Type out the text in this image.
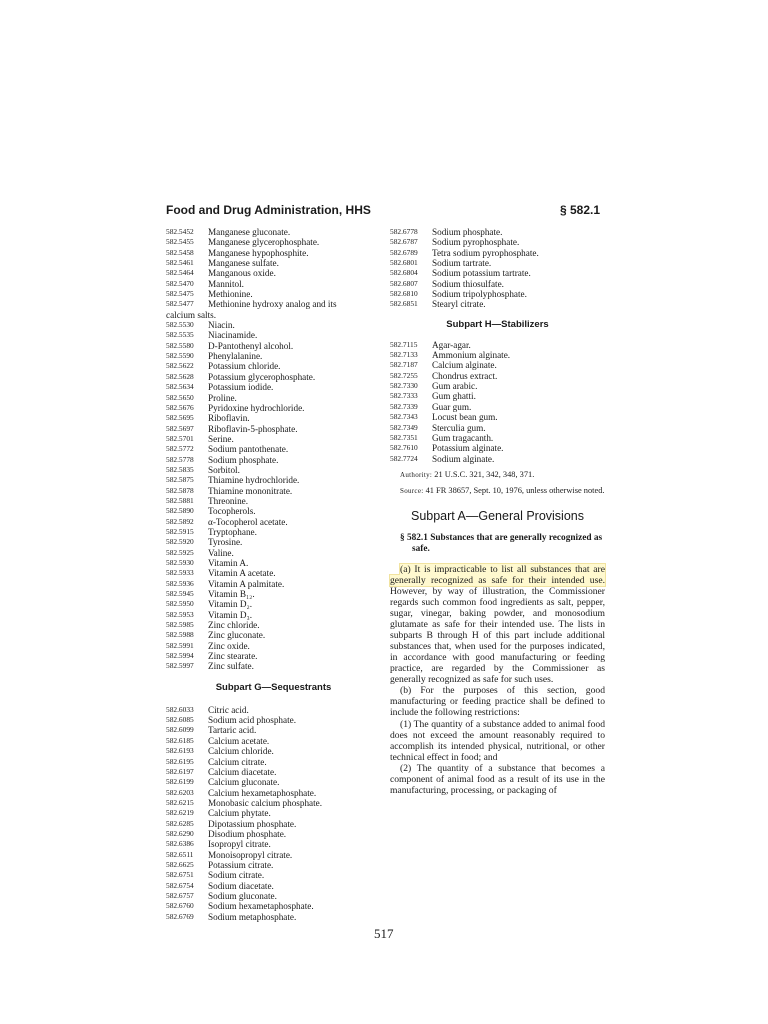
Food and Drug Administration, HHS	§ 582.1
582.5452	Manganese gluconate.
582.5455	Manganese glycerophosphate.
582.5458	Manganese hypophosphite.
582.5461	Manganese sulfate.
582.5464	Manganous oxide.
582.5470	Mannitol.
582.5475	Methionine.
582.5477	Methionine hydroxy analog and its
calcium salts.
582.5530	Niacin.
582.5535	Niacinamide.
582.5580	D-Pantothenyl alcohol.
582.5590	Phenylalanine.
582.5622	Potassium chloride.
582.5628	Potassium glycerophosphate.
582.5634	Potassium iodide.
582.5650	Proline.
582.5676	Pyridoxine hydrochloride.
582.5695	Riboflavin.
582.5697	Riboflavin-5-phosphate.
582.5701	Serine.
582.5772	Sodium pantothenate.
582.5778	Sodium phosphate.
582.5835	Sorbitol.
582.5875	Thiamine hydrochloride.
582.5878	Thiamine mononitrate.
582.5881	Threonine.
582.5890	Tocopherols.
582.5892	α-Tocopherol acetate.
582.5915	Tryptophane.
582.5920	Tyrosine.
582.5925	Valine.
582.5930	Vitamin A.
582.5933	Vitamin A acetate.
582.5936	Vitamin A palmitate.
582.5945	Vitamin B₁₂.
582.5950	Vitamin D₂.
582.5953	Vitamin D₃.
582.5985	Zinc chloride.
582.5988	Zinc gluconate.
582.5991	Zinc oxide.
582.5994	Zinc stearate.
582.5997	Zinc sulfate.
Subpart G—Sequestrants
582.6033	Citric acid.
582.6085	Sodium acid phosphate.
582.6099	Tartaric acid.
582.6185	Calcium acetate.
582.6193	Calcium chloride.
582.6195	Calcium citrate.
582.6197	Calcium diacetate.
582.6199	Calcium gluconate.
582.6203	Calcium hexametaphosphate.
582.6215	Monobasic calcium phosphate.
582.6219	Calcium phytate.
582.6285	Dipotassium phosphate.
582.6290	Disodium phosphate.
582.6386	Isopropyl citrate.
582.6511	Monoisopropyl citrate.
582.6625	Potassium citrate.
582.6751	Sodium citrate.
582.6754	Sodium diacetate.
582.6757	Sodium gluconate.
582.6760	Sodium hexametaphosphate.
582.6769	Sodium metaphosphate.
582.6778	Sodium phosphate.
582.6787	Sodium pyrophosphate.
582.6789	Tetra sodium pyrophosphate.
582.6801	Sodium tartrate.
582.6804	Sodium potassium tartrate.
582.6807	Sodium thiosulfate.
582.6810	Sodium tripolyphosphate.
582.6851	Stearyl citrate.
Subpart H—Stabilizers
582.7115	Agar-agar.
582.7133	Ammonium alginate.
582.7187	Calcium alginate.
582.7255	Chondrus extract.
582.7330	Gum arabic.
582.7333	Gum ghatti.
582.7339	Guar gum.
582.7343	Locust bean gum.
582.7349	Sterculia gum.
582.7351	Gum tragacanth.
582.7610	Potassium alginate.
582.7724	Sodium alginate.

Authority: 21 U.S.C. 321, 342, 348, 371.

Source: 41 FR 38657, Sept. 10, 1976, unless otherwise noted.

Subpart A—General Provisions
§ 582.1 Substances that are generally recognized as safe.

(a) It is impracticable to list all substances that are generally recognized as safe for their intended use. However, by way of illustration, the Commissioner regards such common food ingredients as salt, pepper, sugar, vinegar, baking powder, and monosodium glutamate as safe for their intended use. The lists in subparts B through H of this part include additional substances that, when used for the purposes indicated, in accordance with good manufacturing or feeding practice, are regarded by the Commissioner as generally recognized as safe for such uses.

(b) For the purposes of this section, good manufacturing or feeding practice shall be defined to include the following restrictions:

(1) The quantity of a substance added to animal food does not exceed the amount reasonably required to accomplish its intended physical, nutritional, or other technical effect in food; and

(2) The quantity of a substance that becomes a component of animal food as a result of its use in the manufacturing, processing, or packaging of

517
